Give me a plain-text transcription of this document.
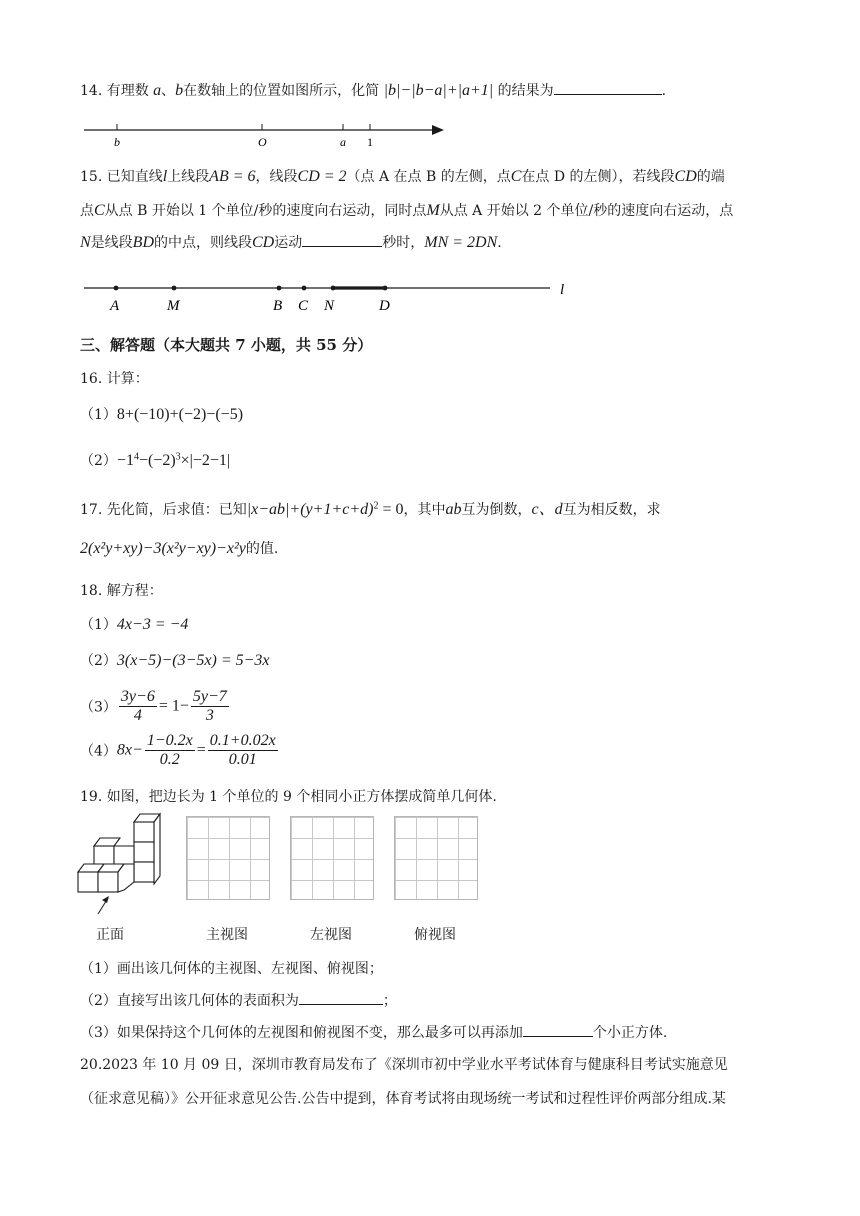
14. 有理数 a、b在数轴上的位置如图所示，化简 |b|−|b−a|+|a+1| 的结果为	.
b	O	a 1
15. 已知直线l上线段AB = 6，线段CD = 2（点 A 在点 B 的左侧，点C在点 D 的左侧），若线段CD的端
点C从点 B 开始以 1 个单位/秒的速度向右运动，同时点M从点 A 开始以 2 个单位/秒的速度向右运动，点
N是线段BD的中点，则线段CD运动	秒时，MN = 2DN.
A	M	B C N	D
l
三、解答题（本大题共 7 小题，共 55 分）
16. 计算：
（1）8+(−10)+(−2)−(−5)
$(2)-1^4-(-2)^3\times|-2-1|$
17. 先化简，后求值：已知$|x-ab|+(y+1+c+d)^2 = 0$，其中ab互为倒数，c、d互为相反数，求
2(x²y+xy)−3(x²y−xy)−x²y的值.
18. 解方程：
（1）4x−3 = −4
（2）3(x−5)−(3−5x) = 5−3x
$(3) \frac{3y-6}{4} = 1- \frac{5y-7}{3}$
$(4)8x- \frac{1-0.2x}{0.2} = \frac{0.1+0.02x}{0.01}$
19. 如图，把边长为 1 个单位的 9 个相同小正方体摆成简单几何体.
正面	主视图	左视图	俯视图
（1）画出该几何体的主视图、左视图、俯视图；
（2）直接写出该几何体的表面积为	；
（3）如果保持这个几何体的左视图和俯视图不变，那么最多可以再添加	个小正方体.
20.2023 年 10 月 09 日，深圳市教育局发布了《深圳市初中学业水平考试体育与健康科目考试实施意见
（征求意见稿）》公开征求意见公告.公告中提到，体育考试将由现场统一考试和过程性评价两部分组成.某
